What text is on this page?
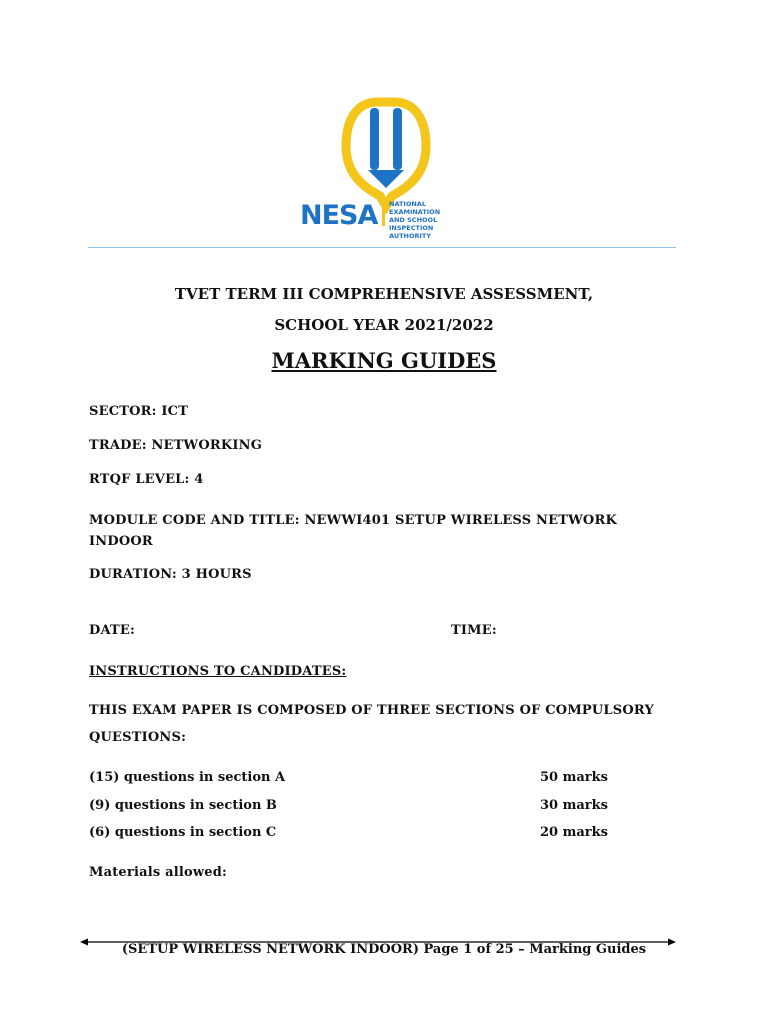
NESA NATIONAL EXAMINATION
AND SCHOOL INSPECTION
AUTHORITY
TVET TERM III COMPREHENSIVE ASSESSMENT,
SCHOOL YEAR 2021/2022
MARKING GUIDES
SECTOR: ICT
TRADE: NETWORKING
RTQF LEVEL: 4
MODULE CODE AND TITLE: NEWWI401 SETUP WIRELESS NETWORK
INDOOR
DURATION: 3 HOURS
DATE:	TIME:
INSTRUCTIONS TO CANDIDATES:
THIS EXAM PAPER IS COMPOSED OF THREE SECTIONS OF COMPULSORY
QUESTIONS:
(15) questions in section A	50 marks
(9) questions in section B	30 marks
(6) questions in section C	20 marks
Materials allowed:
(SETUP WIRELESS NETWORK INDOOR) Page 1 of 25 – Marking Guides
